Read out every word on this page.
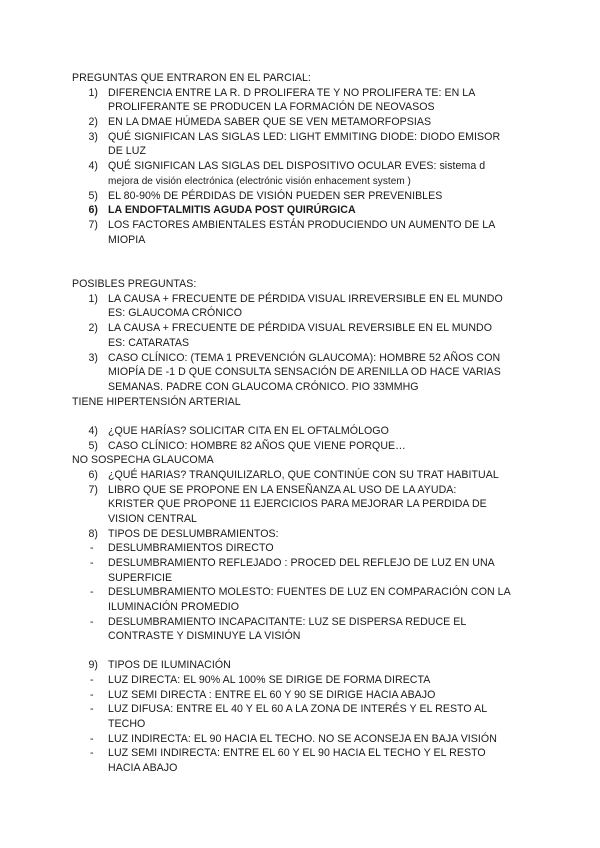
PREGUNTAS QUE ENTRARON EN EL PARCIAL:
1) DIFERENCIA ENTRE LA R. D PROLIFERA TE Y NO PROLIFERA TE: EN LA
PROLIFERANTE SE PRODUCEN LA FORMACIÓN DE NEOVASOS
2) EN LA DMAE HÚMEDA SABER QUE SE VEN METAMORFOPSIAS
3) QUÉ SIGNIFICAN LAS SIGLAS LED: LIGHT EMMITING DIODE: DIODO EMISOR
DE LUZ
4) QUÉ SIGNIFICAN LAS SIGLAS DEL DISPOSITIVO OCULAR EVES: sistema d
mejora de visión electrónica (electrónic visión enhacement system )
5) EL 80-90% DE PÉRDIDAS DE VISIÓN PUEDEN SER PREVENIBLES
6) LA ENDOFTALMITIS AGUDA POST QUIRÚRGICA
7) LOS FACTORES AMBIENTALES ESTÁN PRODUCIENDO UN AUMENTO DE LA
MIOPIA
POSIBLES PREGUNTAS:
1) LA CAUSA + FRECUENTE DE PÉRDIDA VISUAL IRREVERSIBLE EN EL MUNDO
ES: GLAUCOMA CRÓNICO
2) LA CAUSA + FRECUENTE DE PÉRDIDA VISUAL REVERSIBLE EN EL MUNDO
ES: CATARATAS
3) CASO CLÍNICO: (TEMA 1 PREVENCIÓN GLAUCOMA): HOMBRE 52 AÑOS CON
MIOPÍA DE -1 D QUE CONSULTA SENSACIÓN DE ARENILLA OD HACE VARIAS
SEMANAS. PADRE CON GLAUCOMA CRÓNICO. PIO 33MMHG
TIENE HIPERTENSIÓN ARTERIAL
4) ¿QUE HARÍAS? SOLICITAR CITA EN EL OFTALMÓLOGO
5) CASO CLÍNICO: HOMBRE 82 AÑOS QUE VIENE PORQUE…
NO SOSPECHA GLAUCOMA
6) ¿QUÉ HARIAS? TRANQUILIZARLO, QUE CONTINÚE CON SU TRAT HABITUAL
7) LIBRO QUE SE PROPONE EN LA ENSEÑANZA AL USO DE LA AYUDA:
KRISTER QUE PROPONE 11 EJERCICIOS PARA MEJORAR LA PERDIDA DE
VISION CENTRAL
8) TIPOS DE DESLUMBRAMIENTOS:
- DESLUMBRAMIENTOS DIRECTO
- DESLUMBRAMIENTO REFLEJADO : PROCED DEL REFLEJO DE LUZ EN UNA
SUPERFICIE
- DESLUMBRAMIENTO MOLESTO: FUENTES DE LUZ EN COMPARACIÓN CON LA
ILUMINACIÓN PROMEDIO
- DESLUMBRAMIENTO INCAPACITANTE: LUZ SE DISPERSA REDUCE EL
CONTRASTE Y DISMINUYE LA VISIÓN
9) TIPOS DE ILUMINACIÓN
- LUZ DIRECTA: EL 90% AL 100% SE DIRIGE DE FORMA DIRECTA
- LUZ SEMI DIRECTA : ENTRE EL 60 Y 90 SE DIRIGE HACIA ABAJO
- LUZ DIFUSA: ENTRE EL 40 Y EL 60 A LA ZONA DE INTERÉS Y EL RESTO AL
TECHO
- LUZ INDIRECTA: EL 90 HACIA EL TECHO. NO SE ACONSEJA EN BAJA VISIÓN
- LUZ SEMI INDIRECTA: ENTRE EL 60 Y EL 90 HACIA EL TECHO Y EL RESTO
HACIA ABAJO
